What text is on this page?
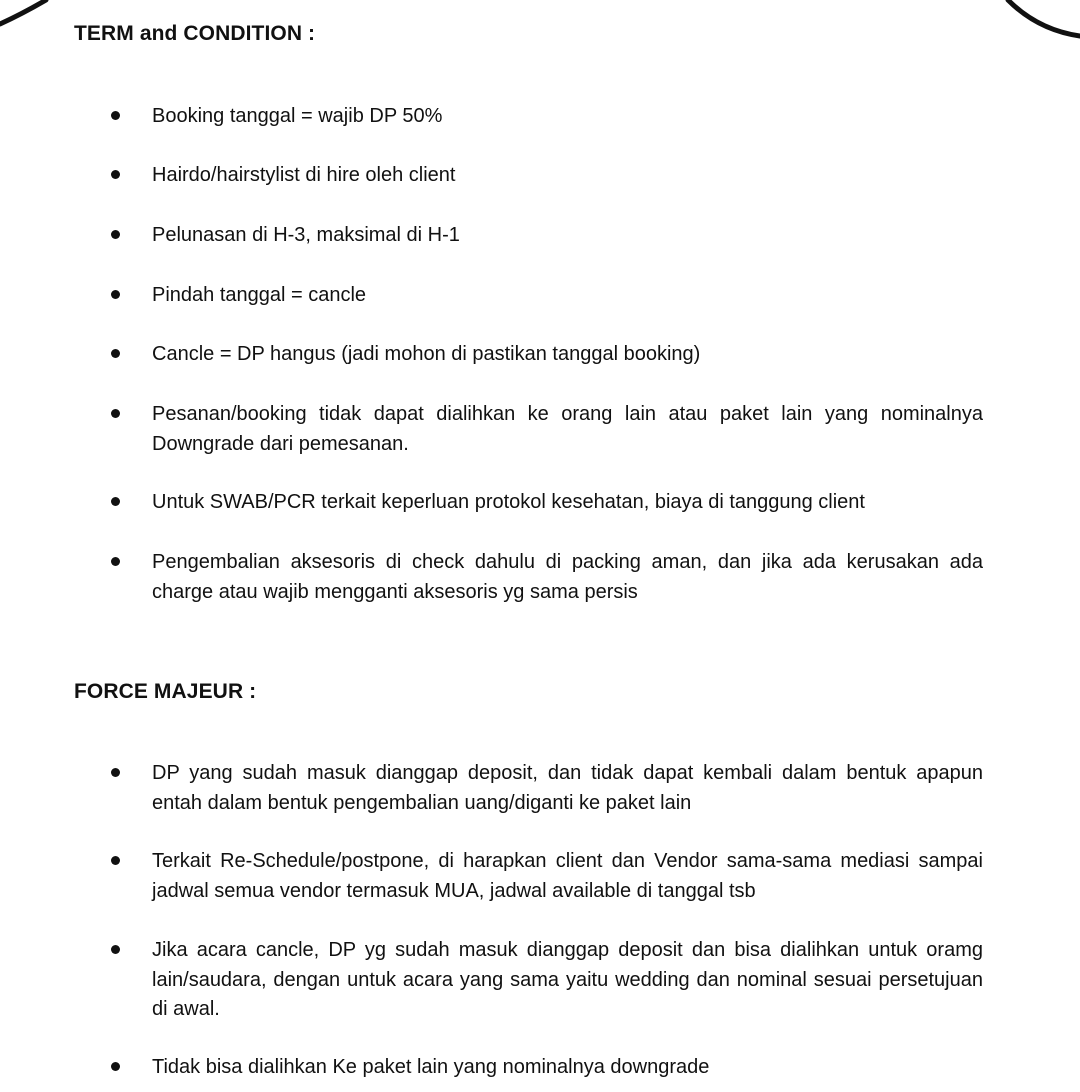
TERM and CONDITION :
Booking tanggal = wajib DP 50%
Hairdo/hairstylist di hire oleh client
Pelunasan di H-3, maksimal di H-1
Pindah tanggal = cancle
Cancle = DP hangus (jadi mohon di pastikan tanggal booking)
Pesanan/booking tidak dapat dialihkan ke orang lain atau paket lain yang nominalnya Downgrade dari pemesanan.
Untuk SWAB/PCR terkait keperluan protokol kesehatan, biaya di tanggung client
Pengembalian aksesoris di check dahulu di packing aman, dan jika ada kerusakan ada charge atau wajib mengganti aksesoris yg sama persis
FORCE MAJEUR :
DP yang sudah masuk dianggap deposit, dan tidak dapat kembali dalam bentuk apapun entah dalam bentuk pengembalian uang/diganti ke paket lain
Terkait Re-Schedule/postpone, di harapkan client dan Vendor sama-sama mediasi sampai jadwal semua vendor termasuk MUA, jadwal available di tanggal tsb
Jika acara cancle, DP yg sudah masuk dianggap deposit dan bisa dialihkan untuk oramg lain/saudara, dengan untuk acara yang sama yaitu wedding dan nominal sesuai persetujuan di awal.
Tidak bisa dialihkan Ke paket lain yang nominalnya downgrade
